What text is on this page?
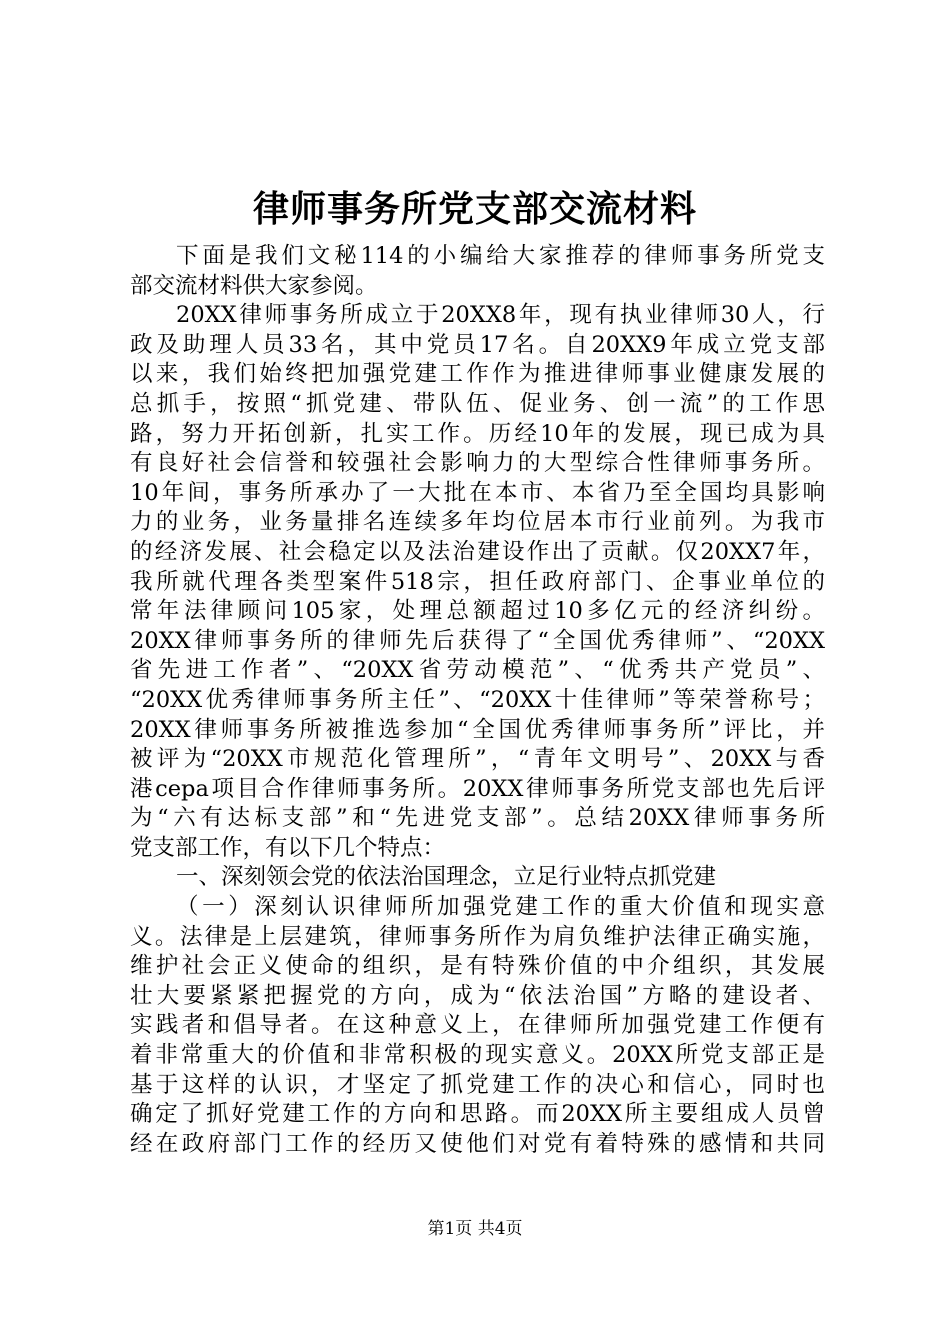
律师事务所党支部交流材料
下面是我们文秘114的小编给大家推荐的律师事务所党支
部交流材料供大家参阅。
20XX律师事务所成立于20XX8年，现有执业律师30人，行
政及助理人员33名，其中党员17名。自20XX9年成立党支部
以来，我们始终把加强党建工作作为推进律师事业健康发展的
总抓手，按照“抓党建、带队伍、促业务、创一流”的工作思
路，努力开拓创新，扎实工作。历经10年的发展，现已成为具
有良好社会信誉和较强社会影响力的大型综合性律师事务所。
10年间，事务所承办了一大批在本市、本省乃至全国均具影响
力的业务，业务量排名连续多年均位居本市行业前列。为我市
的经济发展、社会稳定以及法治建设作出了贡献。仅20XX7年，
我所就代理各类型案件518宗，担任政府部门、企事业单位的
常年法律顾问105家，处理总额超过10多亿元的经济纠纷。
20XX律师事务所的律师先后获得了“全国优秀律师”、“20XX
省先进工作者”、“20XX省劳动模范”、“优秀共产党员”、
“20XX优秀律师事务所主任”、“20XX十佳律师”等荣誉称号；
20XX律师事务所被推选参加“全国优秀律师事务所”评比，并
被评为“20XX市规范化管理所”，“青年文明号”、20XX与香
港cepa项目合作律师事务所。20XX律师事务所党支部也先后评
为“六有达标支部”和“先进党支部”。总结20XX律师事务所
党支部工作，有以下几个特点：
一、深刻领会党的依法治国理念，立足行业特点抓党建
（一）深刻认识律师所加强党建工作的重大价值和现实意
义。法律是上层建筑，律师事务所作为肩负维护法律正确实施，
维护社会正义使命的组织，是有特殊价值的中介组织，其发展
壮大要紧紧把握党的方向，成为“依法治国”方略的建设者、
实践者和倡导者。在这种意义上，在律师所加强党建工作便有
着非常重大的价值和非常积极的现实意义。20XX所党支部正是
基于这样的认识，才坚定了抓党建工作的决心和信心，同时也
确定了抓好党建工作的方向和思路。而20XX所主要组成人员曾
经在政府部门工作的经历又使他们对党有着特殊的感情和共同
第1页 共4页
